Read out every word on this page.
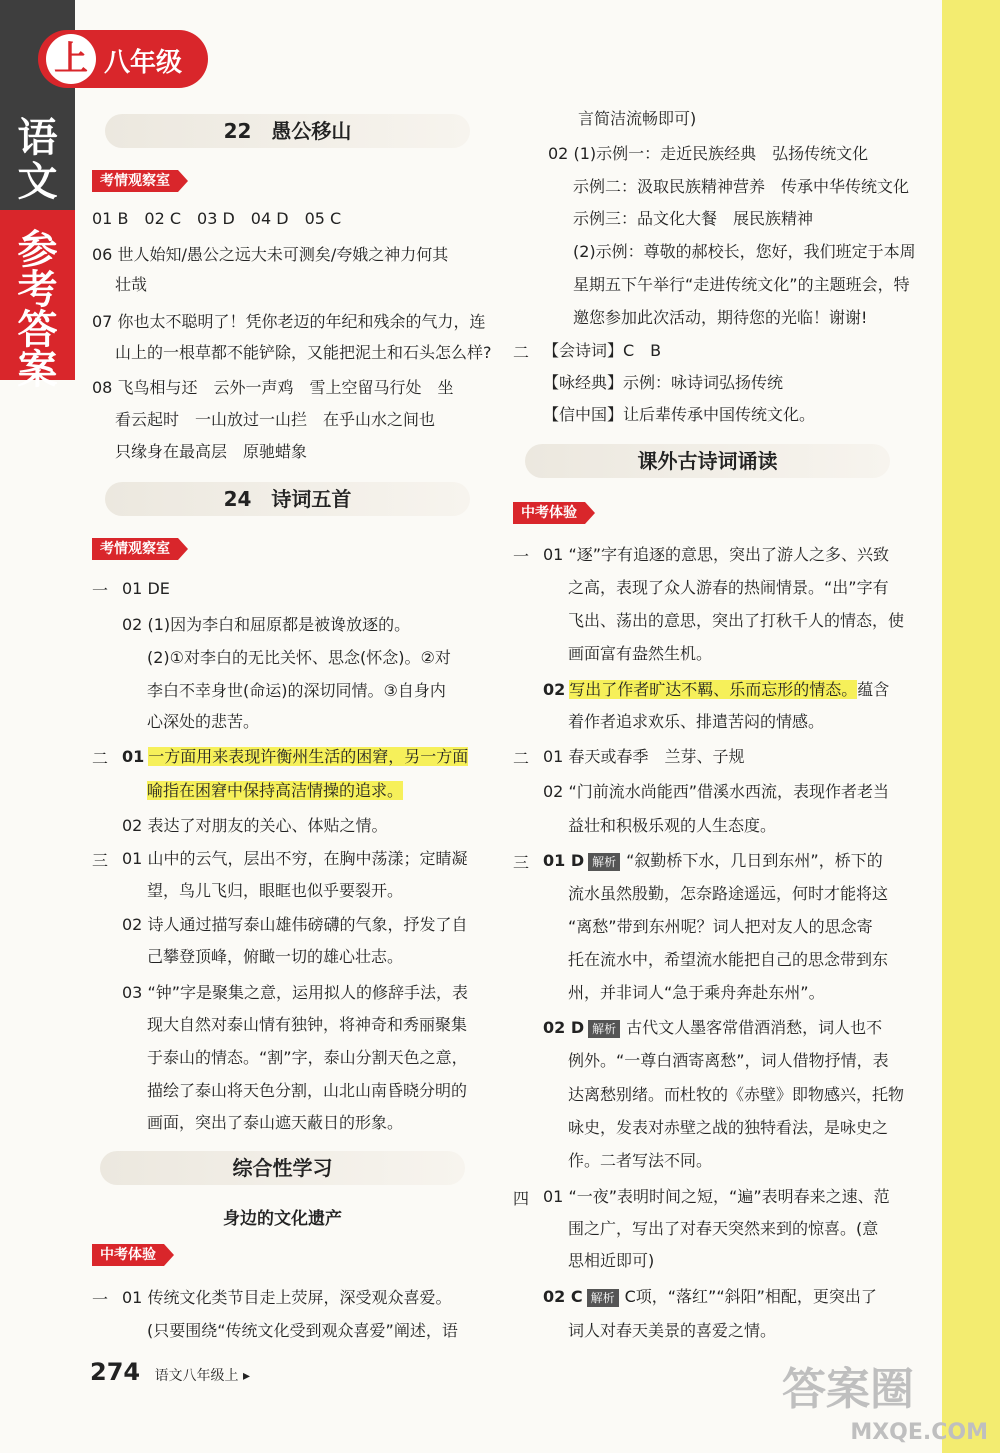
语
文
参
考
答
案
上 八年级
22　愚公移山
考情观察室
01 B　02 C　03 D　04 D　05 C
06 世人始知/愚公之远大未可测矣/夸娥之神力何其
壮哉
07 你也太不聪明了！凭你老迈的年纪和残余的气力，连
山上的一根草都不能铲除，又能把泥土和石头怎么样?
08 飞鸟相与还　云外一声鸡　雪上空留马行处　坐
看云起时　一山放过一山拦　在乎山水之间也
只缘身在最高层　原驰蜡象
24　诗词五首
考情观察室
一 01 DE
02 (1)因为李白和屈原都是被谗放逐的。
(2)①对李白的无比关怀、思念(怀念)。②对
李白不幸身世(命运)的深切同情。③自身内
心深处的悲苦。
二 01 一方面用来表现许衡州生活的困窘，另一方面
喻指在困窘中保持高洁情操的追求。
02 表达了对朋友的关心、体贴之情。
三 01 山中的云气，层出不穷，在胸中荡漾；定睛凝
望，鸟儿飞归，眼眶也似乎要裂开。
02 诗人通过描写泰山雄伟磅礴的气象，抒发了自
己攀登顶峰，俯瞰一切的雄心壮志。
03 “钟”字是聚集之意，运用拟人的修辞手法，表
现大自然对泰山情有独钟，将神奇和秀丽聚集
于泰山的情态。“割”字，泰山分割天色之意，
描绘了泰山将天色分割，山北山南昏晓分明的
画面，突出了泰山遮天蔽日的形象。
综合性学习
身边的文化遗产
中考体验
一 01 传统文化类节目走上荧屏，深受观众喜爱。
(只要围绕“传统文化受到观众喜爱”阐述，语
言简洁流畅即可)
02 (1)示例一：走近民族经典　弘扬传统文化
示例二：汲取民族精神营养　传承中华传统文化
示例三：品文化大餐　展民族精神
(2)示例：尊敬的郝校长，您好，我们班定于本周
星期五下午举行“走进传统文化”的主题班会，特
邀您参加此次活动，期待您的光临！谢谢!
二 【会诗词】C　B
【咏经典】示例：咏诗词弘扬传统
【信中国】让后辈传承中国传统文化。
课外古诗词诵读
中考体验
一 01 “逐”字有追逐的意思，突出了游人之多、兴致
之高，表现了众人游春的热闹情景。“出”字有
飞出、荡出的意思，突出了打秋千人的情态，使
画面富有盎然生机。
02 写出了作者旷达不羁、乐而忘形的情态。蕴含
着作者追求欢乐、排遣苦闷的情感。
二 01 春天或春季　兰芽、子规
02 “门前流水尚能西”借溪水西流，表现作者老当
益壮和积极乐观的人生态度。
三 01 D 解析 “叙勤桥下水，几日到东州”，桥下的
流水虽然殷勤，怎奈路途遥远，何时才能将这
“离愁”带到东州呢？词人把对友人的思念寄
托在流水中，希望流水能把自己的思念带到东
州，并非词人“急于乘舟奔赴东州”。
02 D 解析 古代文人墨客常借酒消愁，词人也不
例外。“一尊白酒寄离愁”，词人借物抒情，表
达离愁别绪。而杜牧的《赤壁》即物感兴，托物
咏史，发表对赤壁之战的独特看法，是咏史之
作。二者写法不同。
四 01 “一夜”表明时间之短，“遍”表明春来之速、范
围之广，写出了对春天突然来到的惊喜。(意
思相近即可)
02 C 解析 C项，“落红”“斜阳”相配，更突出了
词人对春天美景的喜爱之情。
274 语文八年级上 ▸	答案圈
MXQE.COM
